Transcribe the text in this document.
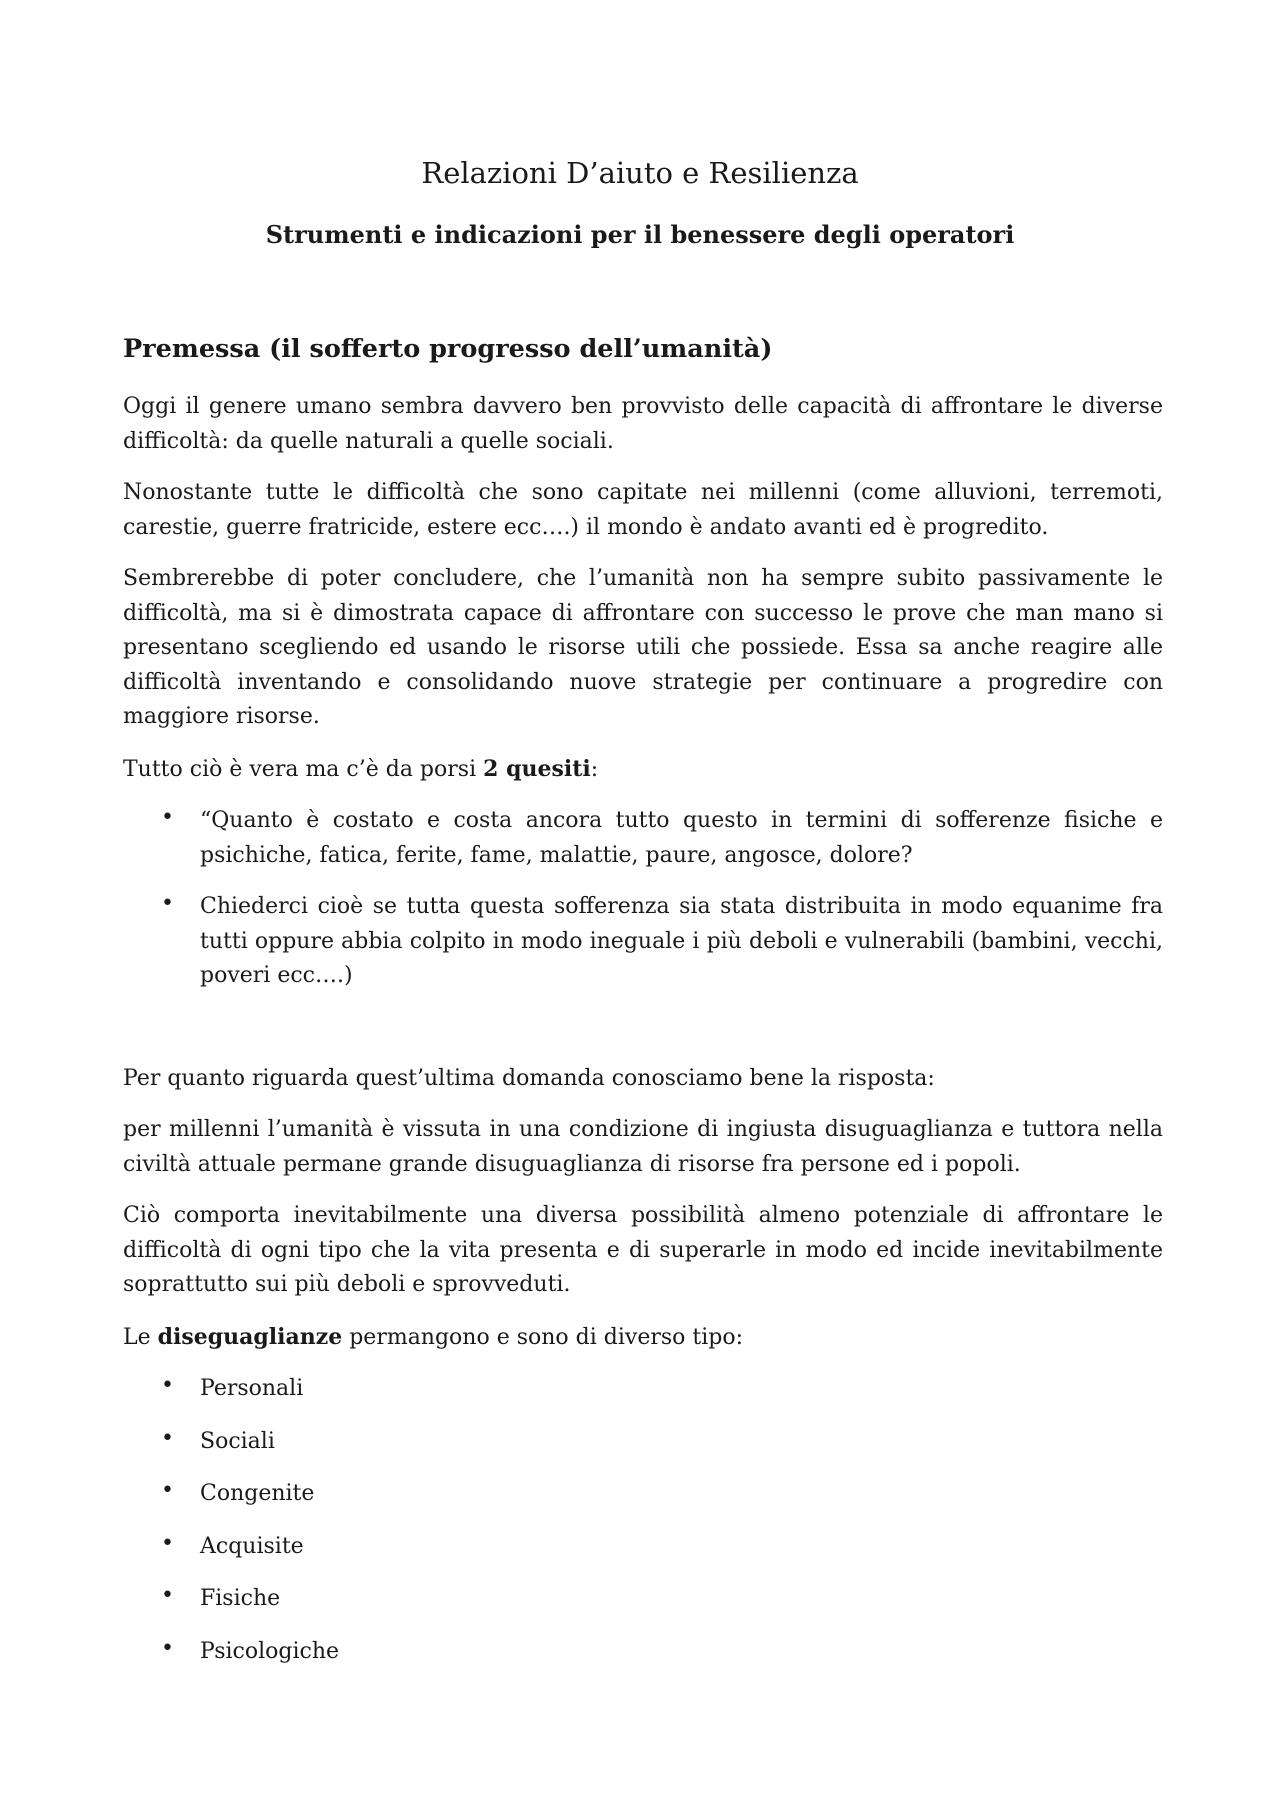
Relazioni D’aiuto e Resilienza
Strumenti e indicazioni per il benessere degli operatori
Premessa (il sofferto progresso dell’umanità)

Oggi il genere umano sembra davvero ben provvisto delle capacità di affrontare le diverse difficoltà: da quelle naturali a quelle sociali.

Nonostante tutte le difficoltà che sono capitate nei millenni (come alluvioni, terremoti, carestie, guerre fratricide, estere ecc….) il mondo è andato avanti ed è progredito.

Sembrerebbe di poter concludere, che l’umanità non ha sempre subito passivamente le difficoltà, ma si è dimostrata capace di affrontare con successo le prove che man mano si presentano scegliendo ed usando le risorse utili che possiede. Essa sa anche reagire alle difficoltà inventando e consolidando nuove strategie per continuare a progredire con maggiore risorse.

Tutto ciò è vera ma c’è da porsi 2 quesiti:

• “Quanto è costato e costa ancora tutto questo in termini di sofferenze fisiche e psichiche, fatica, ferite, fame, malattie, paure, angosce, dolore?
• Chiederci cioè se tutta questa sofferenza sia stata distribuita in modo equanime fra tutti oppure abbia colpito in modo ineguale i più deboli e vulnerabili (bambini, vecchi, poveri ecc….)

Per quanto riguarda quest’ultima domanda conosciamo bene la risposta:

per millenni l’umanità è vissuta in una condizione di ingiusta disuguaglianza e tuttora nella civiltà attuale permane grande disuguaglianza di risorse fra persone ed i popoli.

Ciò comporta inevitabilmente una diversa possibilità almeno potenziale di affrontare le difficoltà di ogni tipo che la vita presenta e di superarle in modo ed incide inevitabilmente soprattutto sui più deboli e sprovveduti.

Le diseguaglianze permangono e sono di diverso tipo:

• Personali
• Sociali
• Congenite
• Acquisite
• Fisiche
• Psicologiche
